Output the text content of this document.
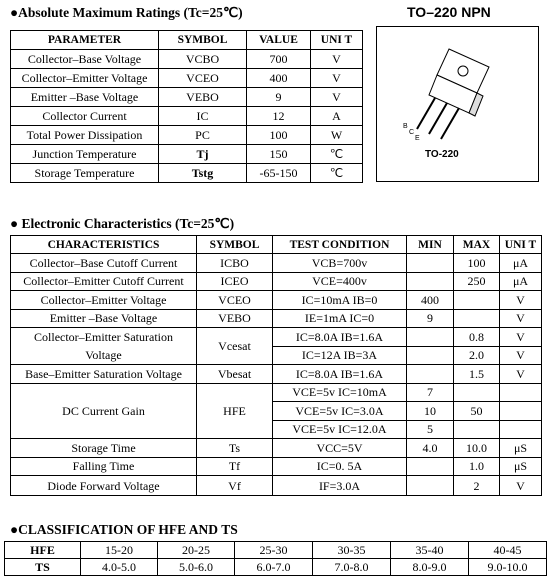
●Absolute Maximum Ratings (Tc=25℃)	TO–220 NPN
PARAMETER	SYMBOL	VALUE	UNI T
Collector–Base Voltage	VCBO	700	V
Collector–Emitter Voltage	VCEO	400	V
Emitter –Base Voltage	VEBO	9	V
Collector Current	IC	12	A
Total Power Dissipation	PC	100	W
Junction Temperature	Tj	150	℃
Storage Temperature	Tstg	-65-150	℃
B
C
E
TO-220
● Electronic Characteristics (Tc=25℃)
CHARACTERISTICS	SYMBOL	TEST CONDITION	MIN	MAX	UNI T
Collector–Base Cutoff Current	ICBO	VCB=700v		100	μA
Collector–Emitter Cutoff Current	ICEO	VCE=400v		250	μA
Collector–Emitter Voltage	VCEO	IC=10mA IB=0	400		V
Emitter –Base Voltage	VEBO	IE=1mA IC=0	9		V
Collector–Emitter Saturation	Vcesat	IC=8.0A IB=1.6A		0.8	V
Voltage		IC=12A IB=3A		2.0	V
Base–Emitter Saturation Voltage	Vbesat	IC=8.0A IB=1.6A		1.5	V
DC Current Gain	HFE	VCE=5v IC=10mA	7		
		VCE=5v IC=3.0A	10	50	
		VCE=5v IC=12.0A	5		
Storage Time	Ts	VCC=5V	4.0	10.0	μS
Falling Time	Tf	IC=0. 5A		1.0	μS
Diode Forward Voltage	Vf	IF=3.0A		2	V
●CLASSIFICATION OF HFE AND TS
HFE	15-20	20-25	25-30	30-35	35-40	40-45
TS	4.0-5.0	5.0-6.0	6.0-7.0	7.0-8.0	8.0-9.0	9.0-10.0
